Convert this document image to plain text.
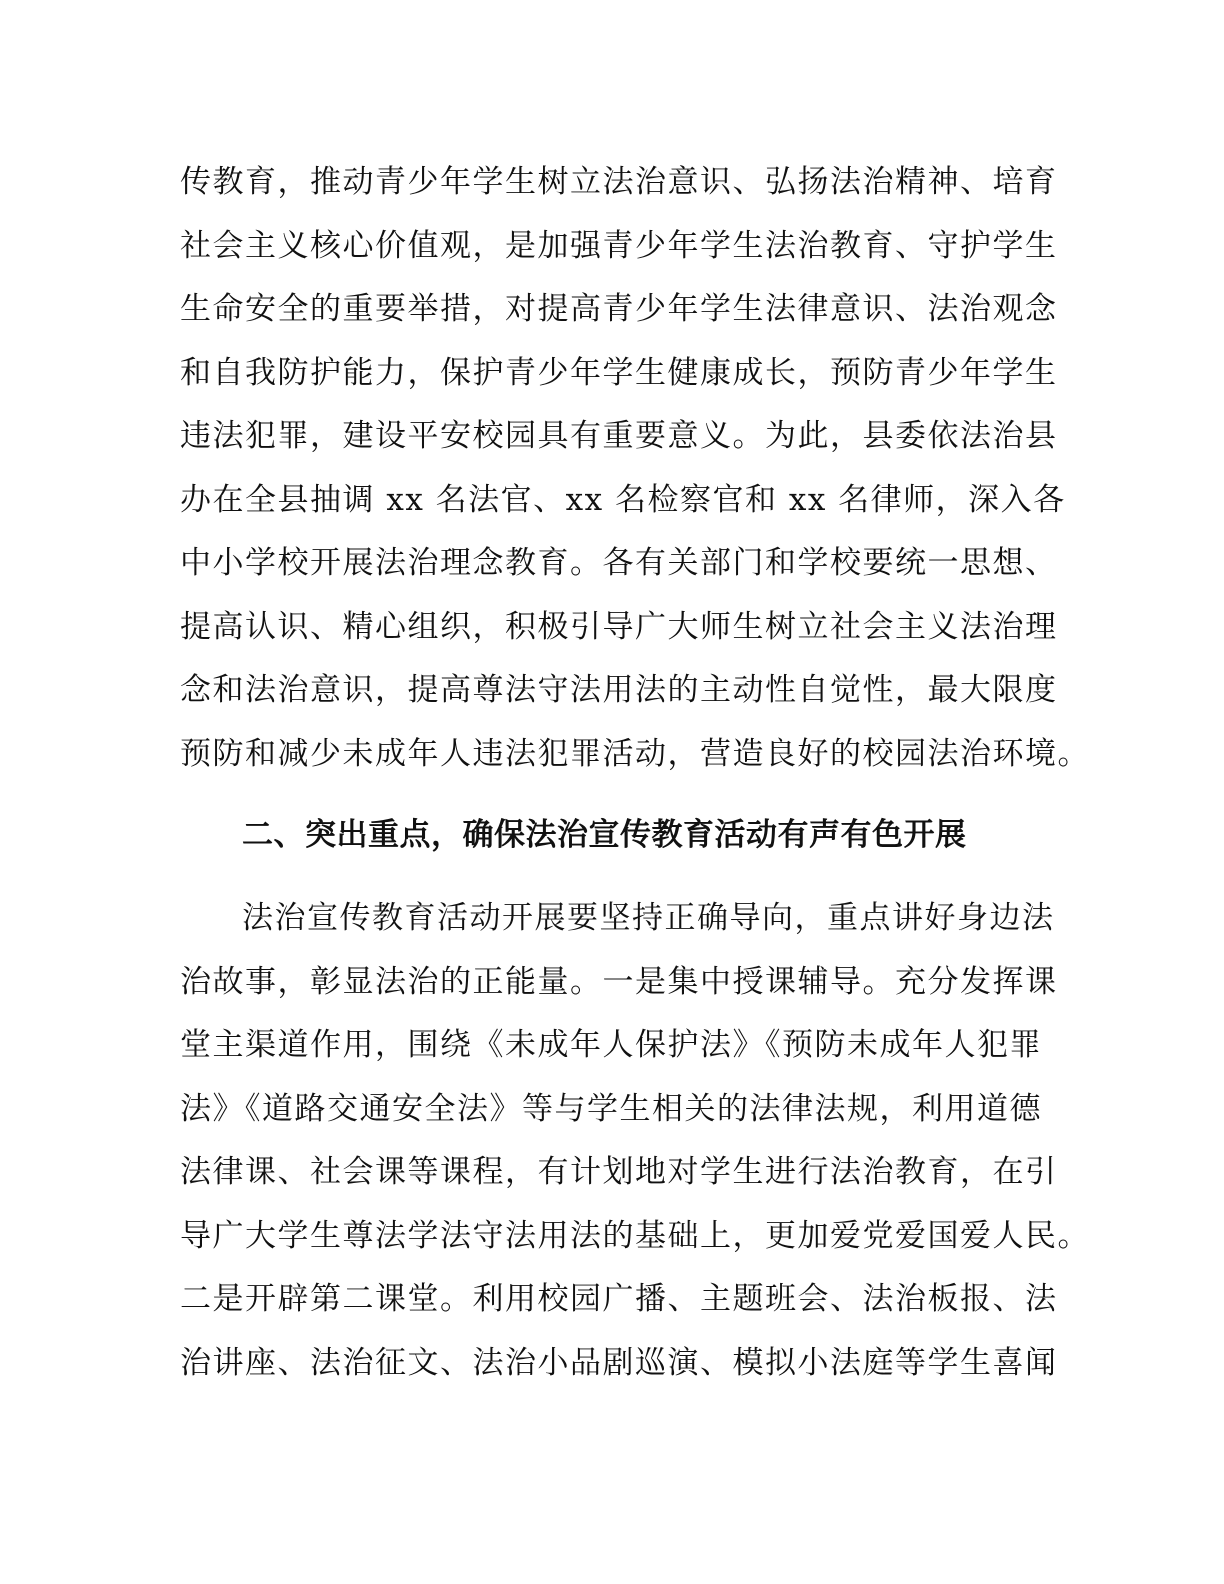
传教育，推动青少年学生树立法治意识、弘扬法治精神、培育
社会主义核心价值观，是加强青少年学生法治教育、守护学生
生命安全的重要举措，对提高青少年学生法律意识、法治观念
和自我防护能力，保护青少年学生健康成长，预防青少年学生
违法犯罪，建设平安校园具有重要意义。为此，县委依法治县
办在全县抽调 xx 名法官、xx 名检察官和 xx 名律师，深入各
中小学校开展法治理念教育。各有关部门和学校要统一思想、
提高认识、精心组织，积极引导广大师生树立社会主义法治理
念和法治意识，提高尊法守法用法的主动性自觉性，最大限度
预防和减少未成年人违法犯罪活动，营造良好的校园法治环境。
二、突出重点，确保法治宣传教育活动有声有色开展
法治宣传教育活动开展要坚持正确导向，重点讲好身边法
治故事，彰显法治的正能量。一是集中授课辅导。充分发挥课
堂主渠道作用，围绕《未成年人保护法》《预防未成年人犯罪
法》《道路交通安全法》等与学生相关的法律法规，利用道德
法律课、社会课等课程，有计划地对学生进行法治教育，在引
导广大学生尊法学法守法用法的基础上，更加爱党爱国爱人民。
二是开辟第二课堂。利用校园广播、主题班会、法治板报、法
治讲座、法治征文、法治小品剧巡演、模拟小法庭等学生喜闻
